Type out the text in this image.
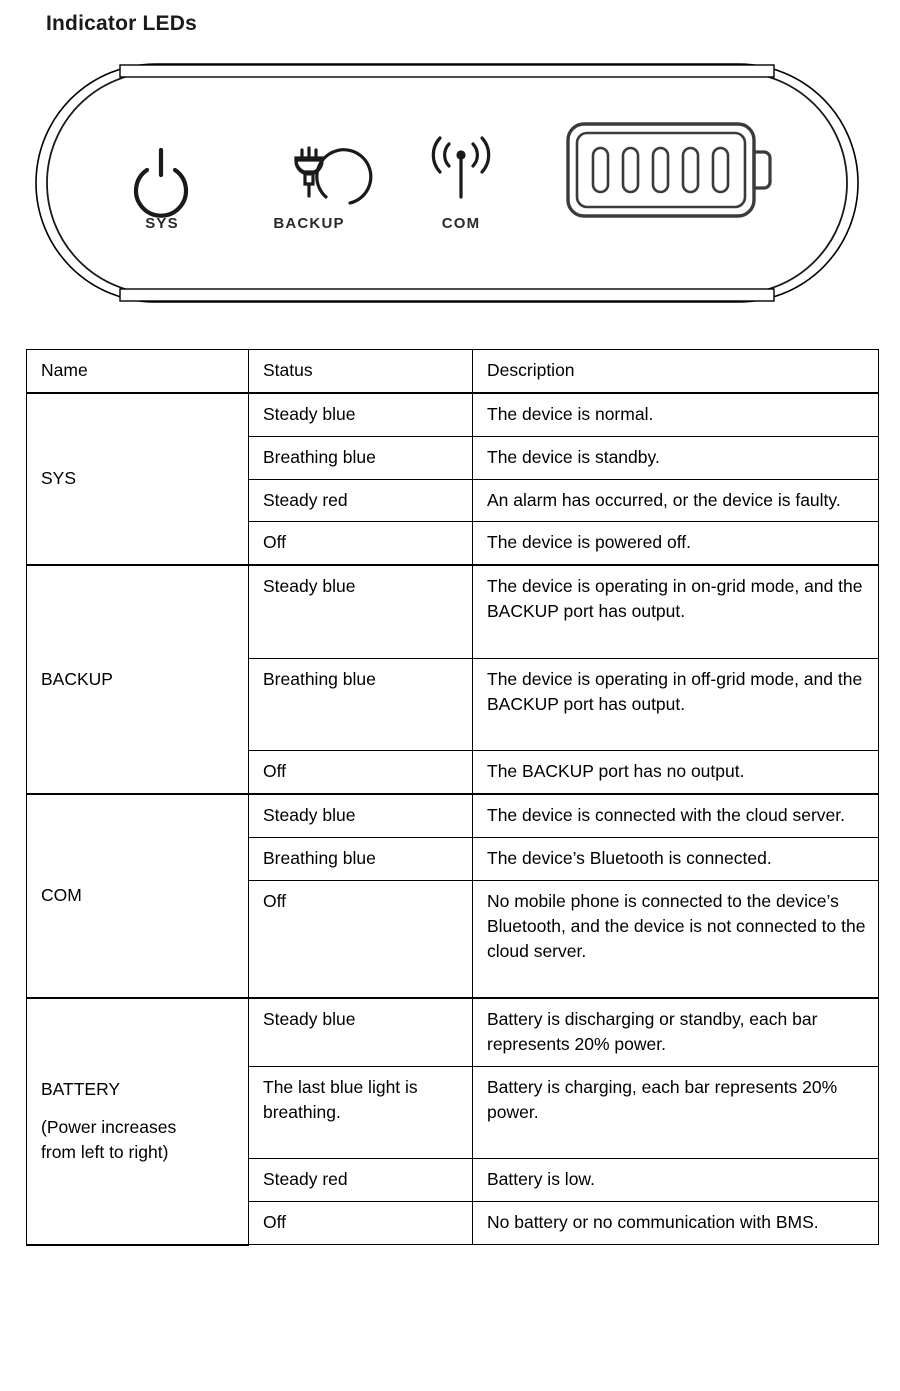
Indicator LEDs
SYS	BACKUP	COM
Name	Status	Description

SYS	Steady blue	The device is normal.
	Breathing blue	The device is standby.
	Steady red	An alarm has occurred, or the device is faulty.
	Off	The device is powered off.

BACKUP	Steady blue	The device is operating in on-grid mode, and the BACKUP port has output.
	Breathing blue	The device is operating in off-grid mode, and the BACKUP port has output.
	Off	The BACKUP port has no output.

COM	Steady blue	The device is connected with the cloud server.
	Breathing blue	The device’s Bluetooth is connected.
	Off	No mobile phone is connected to the device’s Bluetooth, and the device is not connected to the cloud server.

BATTERY
(Power increases
from left to right)	Steady blue	Battery is discharging or standby, each bar represents 20% power.
	The last blue light is breathing.	Battery is charging, each bar represents 20% power.
	Steady red	Battery is low.
	Off	No battery or no communication with BMS.
